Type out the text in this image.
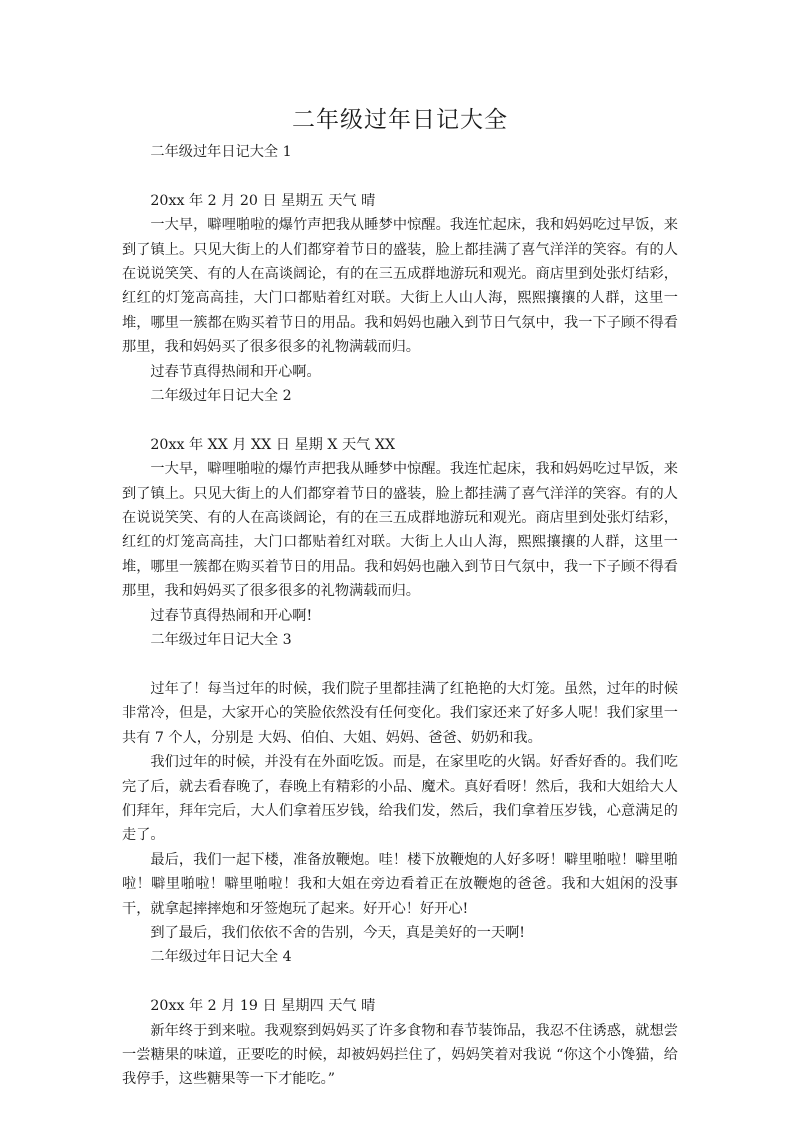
二年级过年日记大全

二年级过年日记大全 1

20xx 年 2 月 20 日 星期五 天气 晴

一大早，噼哩啪啦的爆竹声把我从睡梦中惊醒。我连忙起床，我和妈妈吃过早饭，来到了镇上。只见大街上的人们都穿着节日的盛装，脸上都挂满了喜气洋洋的笑容。有的人在说说笑笑、有的人在高谈阔论，有的在三五成群地游玩和观光。商店里到处张灯结彩，红红的灯笼高高挂，大门口都贴着红对联。大街上人山人海，熙熙攘攘的人群，这里一堆，哪里一簇都在购买着节日的用品。我和妈妈也融入到节日气氛中，我一下子顾不得看那里，我和妈妈买了很多很多的礼物满载而归。

过春节真得热闹和开心啊。

二年级过年日记大全 2

20xx 年 XX 月 XX 日 星期 X 天气 XX

一大早，噼哩啪啦的爆竹声把我从睡梦中惊醒。我连忙起床，我和妈妈吃过早饭，来到了镇上。只见大街上的人们都穿着节日的盛装，脸上都挂满了喜气洋洋的笑容。有的人在说说笑笑、有的人在高谈阔论，有的在三五成群地游玩和观光。商店里到处张灯结彩，红红的灯笼高高挂，大门口都贴着红对联。大街上人山人海，熙熙攘攘的人群，这里一堆，哪里一簇都在购买着节日的用品。我和妈妈也融入到节日气氛中，我一下子顾不得看那里，我和妈妈买了很多很多的礼物满载而归。

过春节真得热闹和开心啊!

二年级过年日记大全 3

过年了！每当过年的时候，我们院子里都挂满了红艳艳的大灯笼。虽然，过年的时候非常冷，但是，大家开心的笑脸依然没有任何变化。我们家还来了好多人呢！我们家里一共有 7 个人，分别是 大妈、伯伯、大姐、妈妈、爸爸、奶奶和我。

我们过年的时候，并没有在外面吃饭。而是，在家里吃的火锅。好香好香的。我们吃完了后，就去看春晚了，春晚上有精彩的小品、魔术。真好看呀！然后，我和大姐给大人们拜年，拜年完后，大人们拿着压岁钱，给我们发，然后，我们拿着压岁钱，心意满足的走了。

最后，我们一起下楼，准备放鞭炮。哇！楼下放鞭炮的人好多呀！噼里啪啦！噼里啪啦！噼里啪啦！噼里啪啦！我和大姐在旁边看着正在放鞭炮的爸爸。我和大姐闲的没事干，就拿起摔摔炮和牙签炮玩了起来。好开心！好开心!

到了最后，我们依依不舍的告别，今天，真是美好的一天啊!

二年级过年日记大全 4

20xx 年 2 月 19 日 星期四 天气 晴

新年终于到来啦。我观察到妈妈买了许多食物和春节装饰品，我忍不住诱惑，就想尝一尝糖果的味道，正要吃的时候，却被妈妈拦住了，妈妈笑着对我说 “你这个小馋猫，给我停手，这些糖果等一下才能吃。”
